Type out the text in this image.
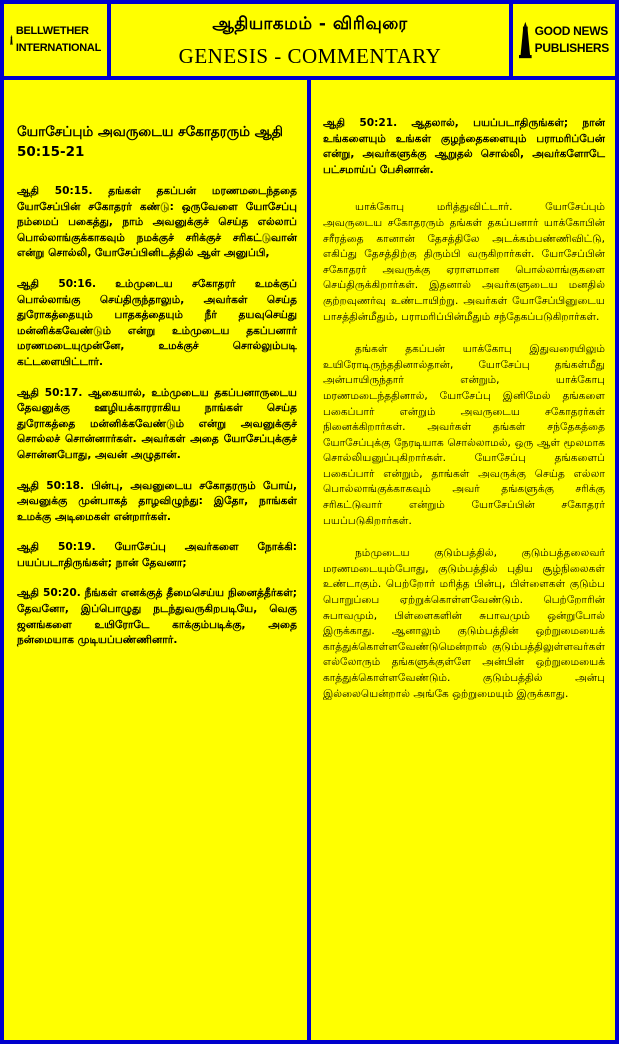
BELLWETHER
INTERNATIONAL
ஆதியாகமம் - விரிவுரை
GENESIS - COMMENTARY
GOOD NEWS
PUBLISHERS
யோசேப்பும் அவருடைய சகோதரரும் ஆதி 50:15-21

ஆதி 50:15. தங்கள் தகப்பன் மரணமடைந்ததை யோசேப்பின் சகோதரர் கண்டு: ஒருவேளை யோசேப்பு நம்மைப் பகைத்து, நாம் அவனுக்குச் செய்த எல்லாப் பொல்லாங்குக்காகவும் நமக்குச் சரிக்குச் சரிகட்டுவான் என்று சொல்லி, யோசேப்பினிடத்தில் ஆள் அனுப்பி,

ஆதி 50:16. உம்முடைய சகோதரர் உமக்குப் பொல்லாங்கு செய்திருந்தாலும், அவர்கள் செய்த துரோகத்தையும் பாதகத்தையும் நீர் தயவுசெய்து மன்னிக்கவேண்டும் என்று உம்முடைய தகப்பனார் மரணமடையுமுன்னே, உமக்குச் சொல்லும்படி கட்டளையிட்டார்.

ஆதி 50:17. ஆகையால், உம்முடைய தகப்பனாருடைய தேவனுக்கு ஊழியக்காரராகிய நாங்கள் செய்த துரோகத்தை மன்னிக்கவேண்டும் என்று அவனுக்குச் சொல்லச் சொன்னார்கள். அவர்கள் அதை யோசேப்புக்குச் சொன்னபோது, அவன் அழுதான்.

ஆதி 50:18. பின்பு, அவனுடைய சகோதரரும் போய், அவனுக்கு முன்பாகத் தாழவிழுந்து: இதோ, நாங்கள் உமக்கு அடிமைகள் என்றார்கள்.

ஆதி 50:19. யோசேப்பு அவர்களை நோக்கி: பயப்படாதிருங்கள்; நான் தேவனா;

ஆதி 50:20. நீங்கள் எனக்குத் தீமைசெய்ய நினைத்தீர்கள்; தேவனோ, இப்பொழுது நடந்துவருகிறபடியே, வெகு ஜனங்களை உயிரோடே காக்கும்படிக்கு, அதை நன்மையாக முடியப்பண்ணினார்.

ஆதி 50:21. ஆதலால், பயப்படாதிருங்கள்; நான் உங்களையும் உங்கள் குழந்தைகளையும் பராமரிப்பேன் என்று, அவர்களுக்கு ஆறுதல் சொல்லி, அவர்களோடே பட்சமாய்ப் பேசினான்.

யாக்கோபு மரித்துவிட்டார். யோசேப்பும் அவருடைய சகோதரரும் தங்கள் தகப்பனார் யாக்கோபின் சரீரத்தை கானான் தேசத்திலே அடக்கம்பண்ணிவிட்டு, எகிப்து தேசத்திற்கு திரும்பி வருகிறார்கள். யோசேப்பின் சகோதரர் அவருக்கு ஏராளமான பொல்லாங்குகளை செய்திருக்கிறார்கள். இதனால் அவர்களுடைய மனதில் குற்றவுணர்வு உண்டாயிற்று. அவர்கள் யோசேப்பினுடைய பாசத்தின்மீதும், பராமரிப்பின்மீதும் சந்தேகப்படுகிறார்கள்.

தங்கள் தகப்பன் யாக்கோபு இதுவரையிலும் உயிரோடிருந்ததினால்தான், யோசேப்பு தங்கள்மீது அன்பாயிருந்தார் என்றும், யாக்கோபு மரணமடைந்ததினால், யோசேப்பு இனிமேல் தங்களை பகைப்பார் என்றும் அவருடைய சகோதரர்கள் நினைக்கிறார்கள். அவர்கள் தங்கள் சந்தேகத்தை யோசேப்புக்கு நேரடியாக சொல்லாமல், ஒரு ஆள் மூலமாக சொல்லியனுப்புகிறார்கள். யோசேப்பு தங்களைப் பகைப்பார் என்றும், தாங்கள் அவருக்கு செய்த எல்லா பொல்லாங்குக்காகவும் அவர் தங்களுக்கு சரிக்கு சரிகட்டுவார் என்றும் யோசேப்பின் சகோதரர் பயப்படுகிறார்கள்.

நம்முடைய குடும்பத்தில், குடும்பத்தலைவர் மரணமடையும்போது, குடும்பத்தில் புதிய சூழ்நிலைகள் உண்டாகும். பெற்றோர் மரித்த பின்பு, பிள்ளைகள் குடும்ப பொறுப்பை ஏற்றுக்கொள்ளவேண்டும். பெற்றோரின் சுபாவமும், பிள்ளைகளின் சுபாவமும் ஒன்றுபோல் இருக்காது. ஆனாலும் குடும்பத்தின் ஒற்றுமையைக் காத்துக்கொள்ளவேண்டுமென்றால் குடும்பத்திலுள்ளவர்கள் எல்லோரும் தங்களுக்குள்ளே அன்பின் ஒற்றுமையைக் காத்துக்கொள்ளவேண்டும். குடும்பத்தில் அன்பு இல்லையென்றால் அங்கே ஒற்றுமையும் இருக்காது.
